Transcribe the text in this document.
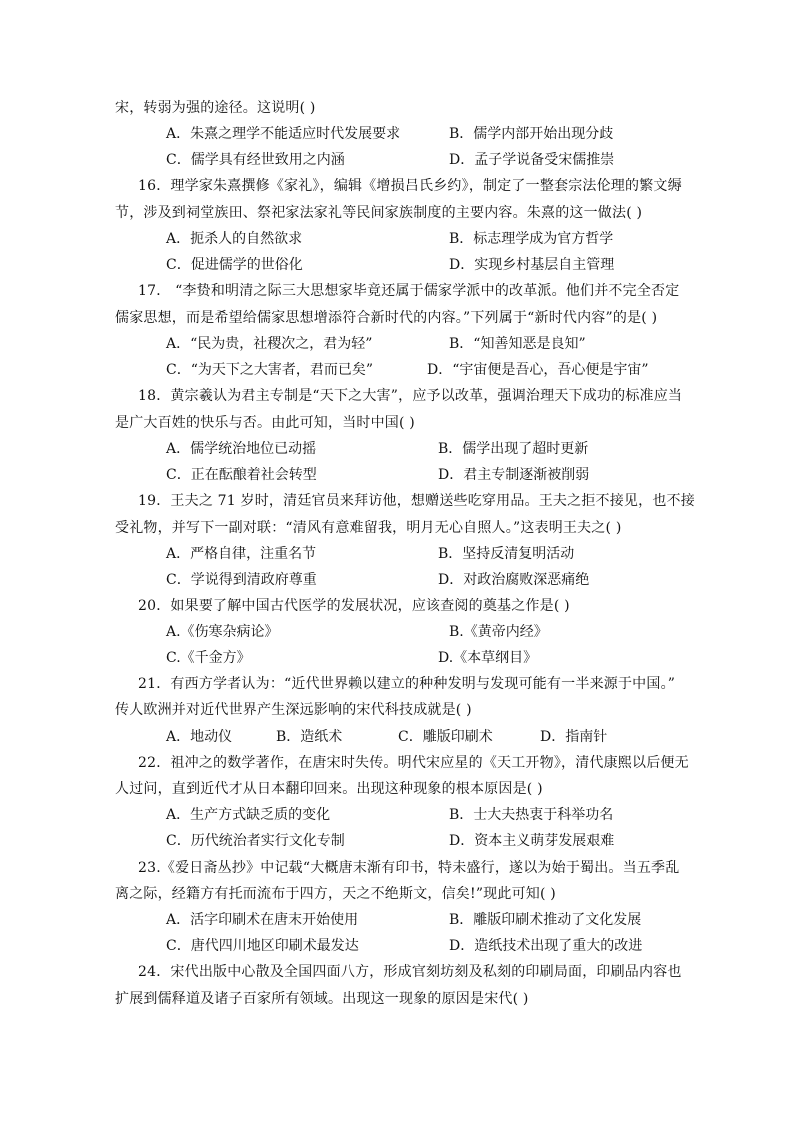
宋，转弱为强的途径。这说明( )
A．朱熹之理学不能适应时代发展要求	B．儒学内部开始出现分歧
C．儒学具有经世致用之内涵	D．孟子学说备受宋儒推崇
16．理学家朱熹撰修《家礼》，编辑《增损吕氏乡约》，制定了一整套宗法伦理的繁文缛
节，涉及到祠堂族田、祭祀家法家礼等民间家族制度的主要内容。朱熹的这一做法( )
A．扼杀人的自然欲求	B．标志理学成为官方哲学
C．促进儒学的世俗化	D．实现乡村基层自主管理
17． “李贽和明清之际三大思想家毕竟还属于儒家学派中的改革派。他们并不完全否定
儒家思想，而是希望给儒家思想增添符合新时代的内容。”下列属于“新时代内容”的是( )
A．“民为贵，社稷次之，君为轻”	B．“知善知恶是良知”
C．“为天下之大害者，君而已矣”	D．“宇宙便是吾心，吾心便是宇宙”
18．黄宗羲认为君主专制是“天下之大害”，应予以改革，强调治理天下成功的标准应当
是广大百姓的快乐与否。由此可知，当时中国( )
A．儒学统治地位已动摇	B．儒学出现了超时更新
C．正在酝酿着社会转型	D．君主专制逐渐被削弱
19．王夫之 71 岁时，清廷官员来拜访他，想赠送些吃穿用品。王夫之拒不接见，也不接
受礼物，并写下一副对联：“清风有意难留我，明月无心自照人。”这表明王夫之( )
A．严格自律，注重名节	B．坚持反清复明活动
C．学说得到清政府尊重	D．对政治腐败深恶痛绝
20．如果要了解中国古代医学的发展状况，应该查阅的奠基之作是( )
A.《伤寒杂病论》	B.《黄帝内经》
C.《千金方》	D.《本草纲目》
21．有西方学者认为：“近代世界赖以建立的种种发明与发现可能有一半来源于中国。”
传人欧洲并对近代世界产生深远影响的宋代科技成就是( )
A．地动仪	B．造纸术	C．雕版印刷术	D．指南针
22．祖冲之的数学著作，在唐宋时失传。明代宋应星的《天工开物》，清代康熙以后便无
人过问，直到近代才从日本翻印回来。出现这种现象的根本原因是( )
A．生产方式缺乏质的变化	B．士大夫热衷于科举功名
C．历代统治者实行文化专制	D．资本主义萌芽发展艰难
23.《爱日斋丛抄》中记载“大概唐末渐有印书，特未盛行，遂以为始于蜀出。当五季乱
离之际，经籍方有托而流布于四方，天之不绝斯文，信矣!”现此可知( )
A．活字印刷术在唐末开始使用	B．雕版印刷术推动了文化发展
C．唐代四川地区印刷术最发达	D．造纸技术出现了重大的改进
24．宋代出版中心散及全国四面八方，形成官刻坊刻及私刻的印刷局面，印刷品内容也
扩展到儒释道及诸子百家所有领域。出现这一现象的原因是宋代( )
